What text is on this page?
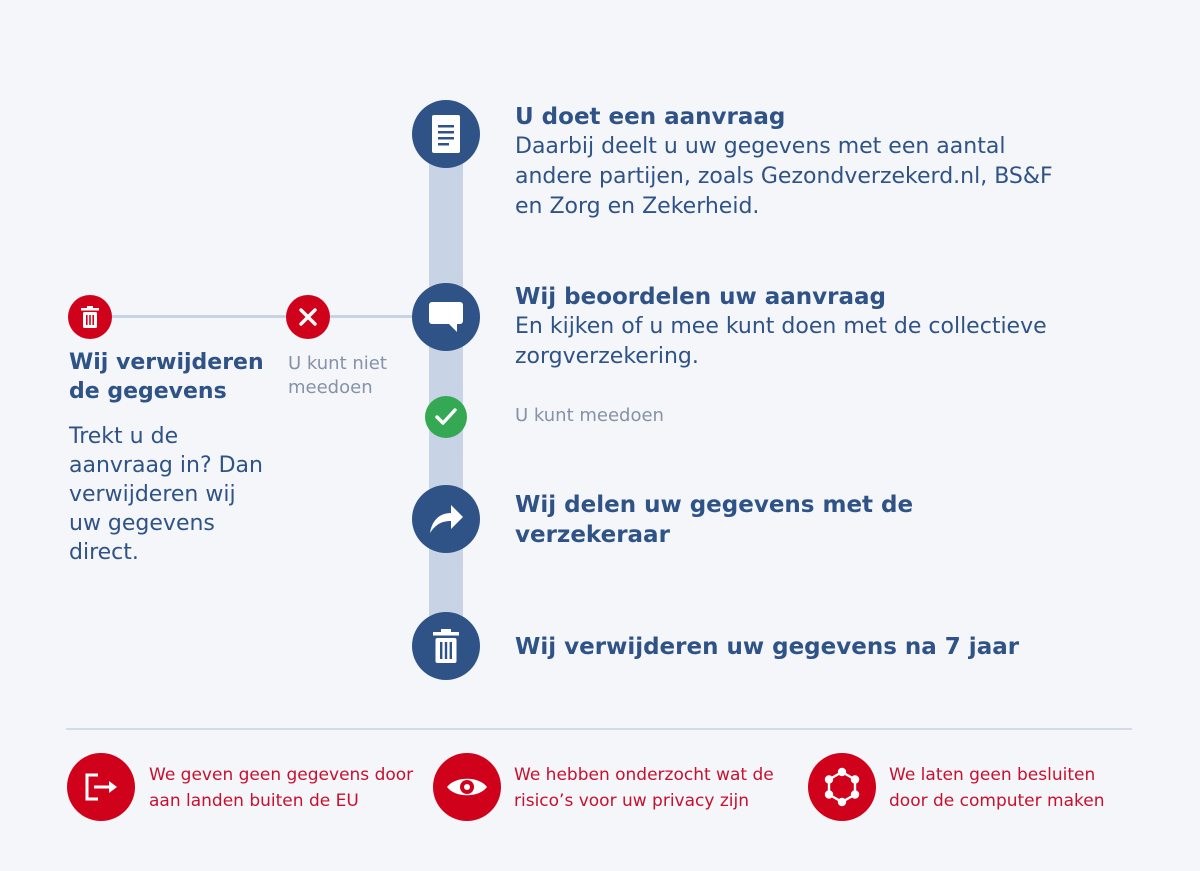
U doet een aanvraag
Daarbij deelt u uw gegevens met een aantal andere partijen, zoals Gezondverzekerd.nl, BS&F en Zorg en Zekerheid.
Wij beoordelen uw aanvraag
En kijken of u mee kunt doen met de collectieve zorgverzekering.
U kunt meedoen
U kunt niet meedoen
Wij verwijderen de gegevens
Trekt u de aanvraag in? Dan verwijderen wij uw gegevens direct.
Wij delen uw gegevens met de verzekeraar
Wij verwijderen uw gegevens na 7 jaar
We geven geen gegevens door aan landen buiten de EU
We hebben onderzocht wat de risico’s voor uw privacy zijn
We laten geen besluiten door de computer maken
